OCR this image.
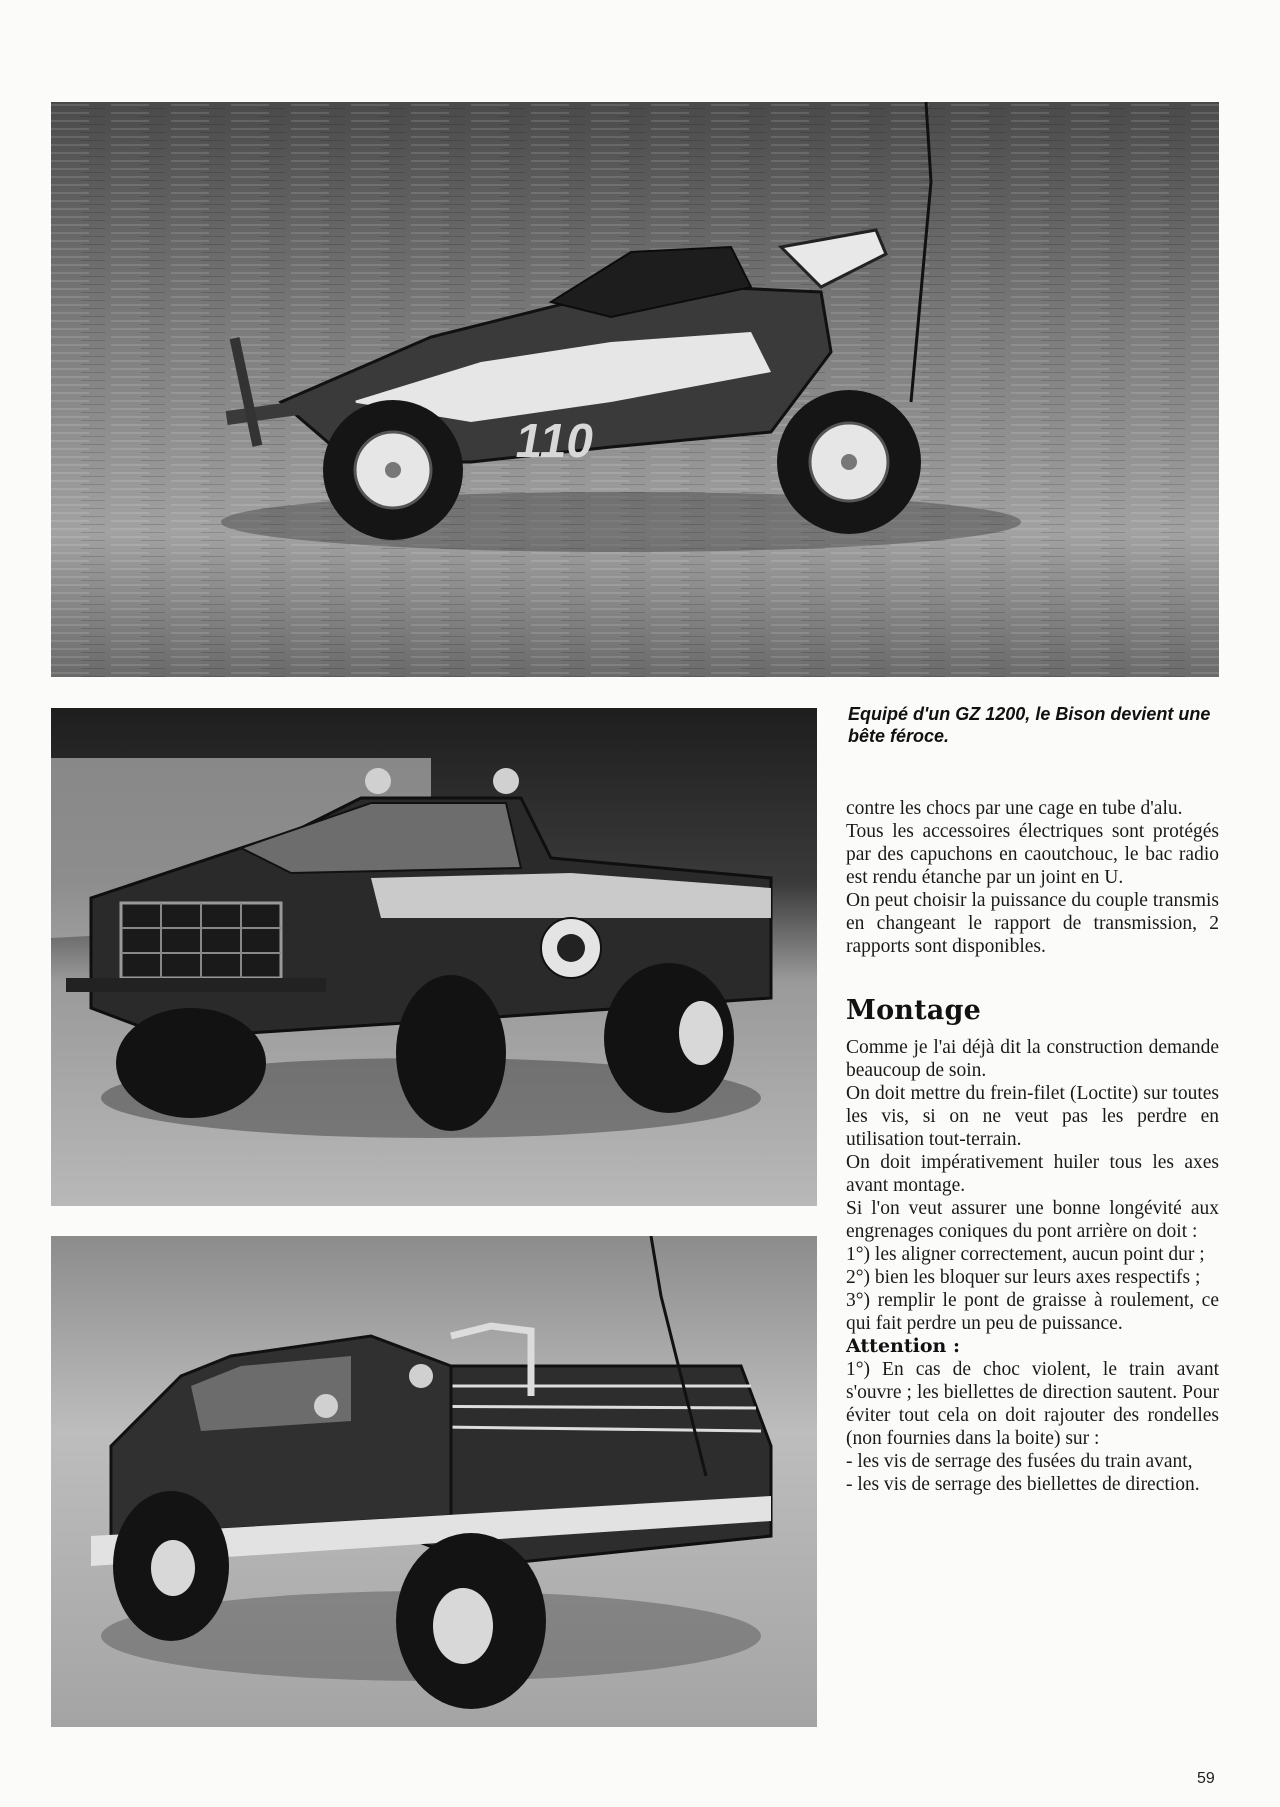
110
Equipé d'un GZ 1200, le Bison devient une bête féroce.

contre les chocs par une cage en tube d'alu.

Tous les accessoires électriques sont protégés par des capuchons en caoutchouc, le bac radio est rendu étanche par un joint en U.

On peut choisir la puissance du couple transmis en changeant le rapport de transmission, 2 rapports sont disponibles.

Montage

Comme je l'ai déjà dit la construction demande beaucoup de soin.

On doit mettre du frein-filet (Loctite) sur toutes les vis, si on ne veut pas les perdre en utilisation tout-terrain.

On doit impérativement huiler tous les axes avant montage.

Si l'on veut assurer une bonne longévité aux engrenages coniques du pont arrière on doit :

1°) les aligner correctement, aucun point dur ;

2°) bien les bloquer sur leurs axes respectifs ;

3°) remplir le pont de graisse à roulement, ce qui fait perdre un peu de puissance.

Attention :

1°) En cas de choc violent, le train avant s'ouvre ; les biellettes de direction sautent. Pour éviter tout cela on doit rajouter des rondelles (non fournies dans la boite) sur :

- les vis de serrage des fusées du train avant,

- les vis de serrage des biellettes de direction.

59
